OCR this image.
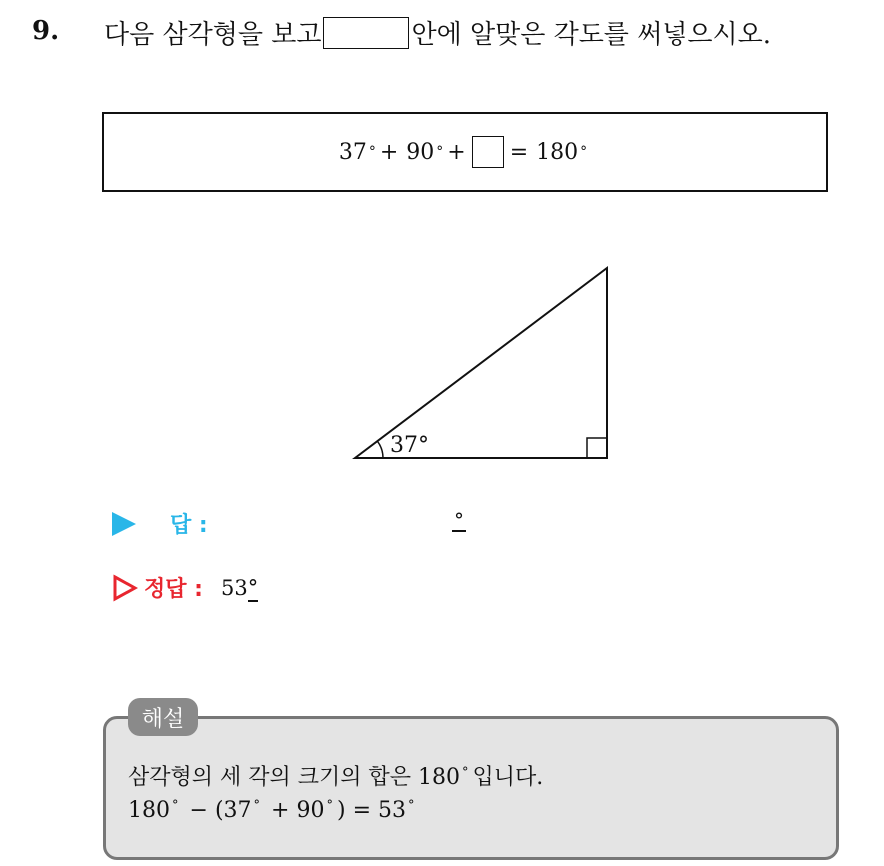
9. 다음 삼각형을 보고	안에 알맞은 각도를 써넣으시오.
37 ° + 90 ° + = 180 °
37°
답 :	°
정답 : 53°
해설
삼각형의 세 각의 크기의 합은 180 ° 입니다.
180 ° − (37 ° + 90 ° ) = 53 °
